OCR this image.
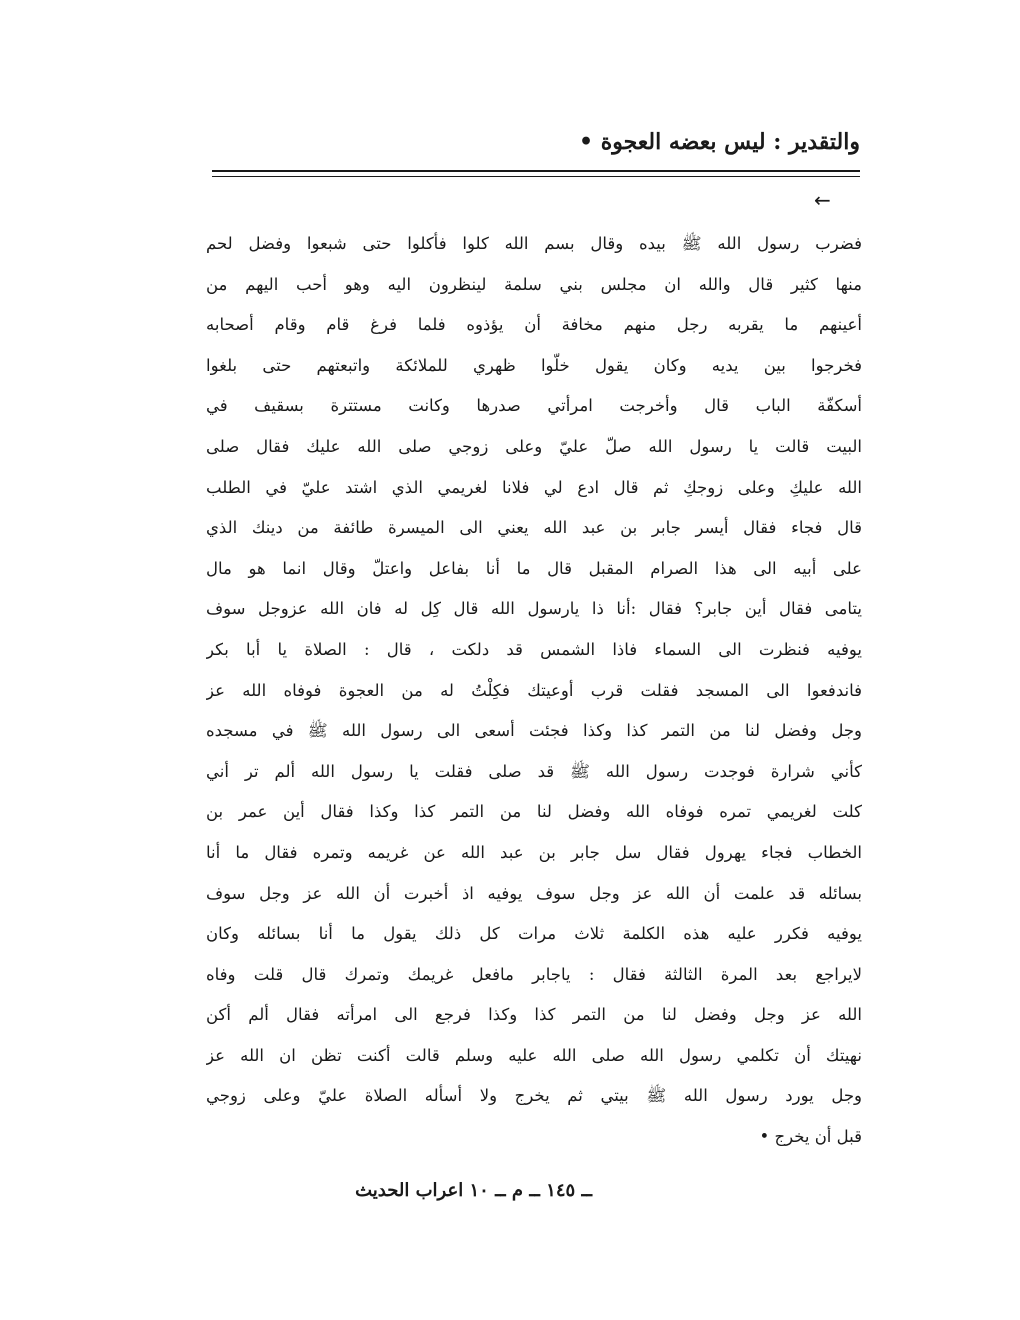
والتقدير : ليس بعضه العجوة •
←
فضرب رسول الله ﷺ بيده وقال بسم الله كلوا فأكلوا حتى شبعوا وفضل لحم
منها كثير قال والله ان مجلس بني سلمة لينظرون اليه وهو أحب اليهم من
أعينهم ما يقربه رجل منهم مخافة أن يؤذوه فلما فرغ قام وقام أصحابه
فخرجوا بين يديه وكان يقول خلّوا ظهري للملائكة واتبعتهم حتى بلغوا
أسكفّة الباب قال وأخرجت امرأتي صدرها وكانت مستترة بسقيف في
البيت قالت يا رسول الله صلّ عليّ وعلى زوجي صلى الله عليك فقال صلى
الله عليكِ وعلى زوجكِ ثم قال ادع لي فلانا لغريمي الذي اشتد عليّ في الطلب
قال فجاء فقال أيسر جابر بن عبد الله يعني الى الميسرة طائفة من دينك الذي
على أبيه الى هذا الصرام المقبل قال ما أنا بفاعل واعتلّ وقال انما هو مال
يتامى فقال أين جابر؟ فقال :أنا ذا يارسول الله قال كِل له فان الله عزوجل سوف
يوفيه فنظرت الى السماء فاذا الشمس قد دلكت ، قال : الصلاة يا أبا بكر
فاندفعوا الى المسجد فقلت قرب أوعيتك فكِلْتُ له من العجوة فوفاه الله عز
وجل وفضل لنا من التمر كذا وكذا فجئت أسعى الى رسول الله ﷺ في مسجده
كأني شرارة فوجدت رسول الله ﷺ قد صلى فقلت يا رسول الله ألم تر أني
كلت لغريمي تمره فوفاه الله وفضل لنا من التمر كذا وكذا فقال أين عمر بن
الخطاب فجاء يهرول فقال سل جابر بن عبد الله عن غريمه وتمره فقال ما أنا
بسائله قد علمت أن الله عز وجل سوف يوفيه اذ أخبرت أن الله عز وجل سوف
يوفيه فكرر عليه هذه الكلمة ثلاث مرات كل ذلك يقول ما أنا بسائله وكان
لايراجع بعد المرة الثالثة فقال : ياجابر مافعل غريمك وتمرك قال قلت وفاه
الله عز وجل وفضل لنا من التمر كذا وكذا فرجع الى امرأته فقال ألم أكن
نهيتك أن تكلمي رسول الله صلى الله عليه وسلم قالت أكنت تظن ان الله عز
وجل يورد رسول الله ﷺ بيتي ثم يخرج ولا أسأله الصلاة عليّ وعلى زوجي
قبل أن يخرج •
ــ ١٤٥ ــ م ــ ١٠ اعراب الحديث
